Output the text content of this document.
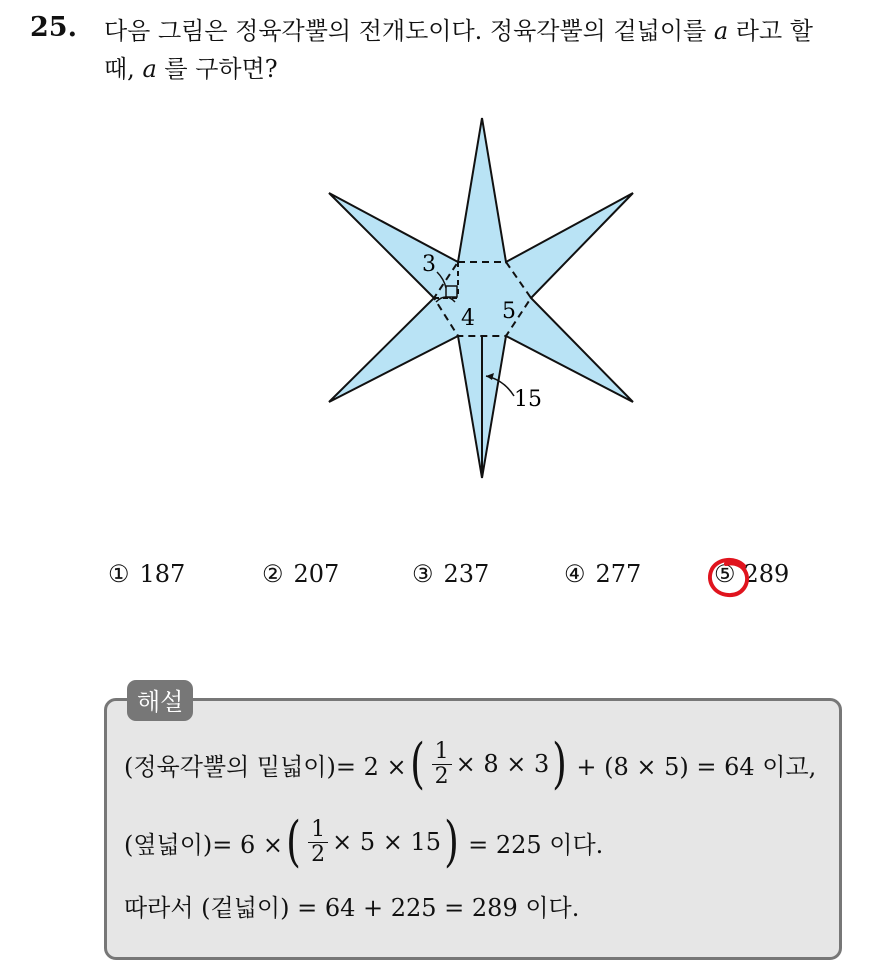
25. 다음 그림은 정육각뿔의 전개도이다. 정육각뿔의 겉넓이를 a 라고 할
때, a 를 구하면?
3
4 5
15
① 187	② 207	③ 237	④ 277	⑤ 289
해설
(정육각뿔의 밑넓이)= 2 × ( $\frac{1}{2} \times 8 \times 3$ ) + (8 × 5) = 64 이고,
(옆넓이)= 6 × ( $\frac{1}{2} \times 5 \times 15$ ) = 225 이다.
따라서 (겉넓이) = 64 + 225 = 289 이다.
